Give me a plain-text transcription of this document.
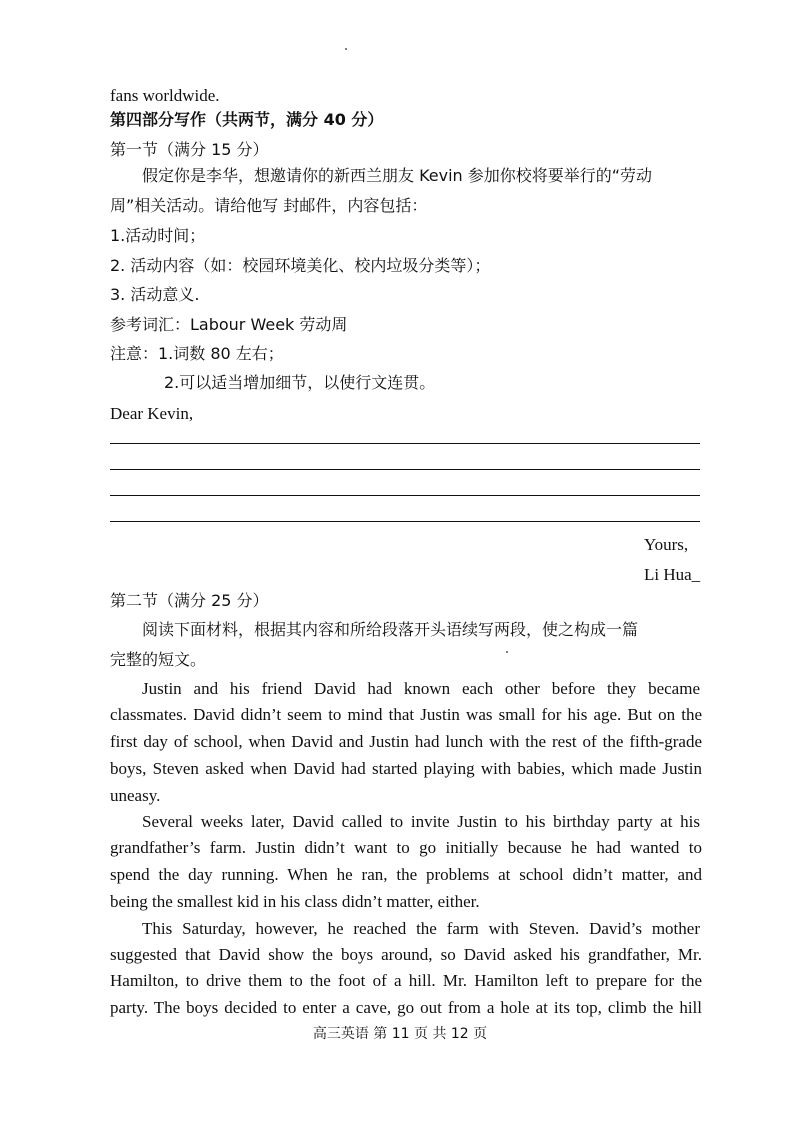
fans worldwide.
第四部分写作（共两节，满分 40 分）
第一节（满分 15 分）
假定你是李华，想邀请你的新西兰朋友 Kevin 参加你校将要举行的“劳动
周”相关活动。请给他写 封邮件，内容包括：
1.活动时间；
2. 活动内容（如：校园环境美化、校内垃圾分类等）；
3. 活动意义.
参考词汇：Labour Week 劳动周
注意：1.词数 80 左右；
2.可以适当增加细节，以使行文连贯。
Dear Kevin,
Yours,
Li Hua_
第二节（满分 25 分）
阅读下面材料，根据其内容和所给段落开头语续写两段，使之构成一篇
完整的短文。
Justin and his friend David had known each other before they became
classmates. David didn’t seem to mind that Justin was small for his age. But on the
first day of school, when David and Justin had lunch with the rest of the fifth-grade
boys, Steven asked when David had started playing with babies, which made Justin
uneasy.
Several weeks later, David called to invite Justin to his birthday party at his
grandfather’s farm. Justin didn’t want to go initially because he had wanted to
spend the day running. When he ran, the problems at school didn’t matter, and
being the smallest kid in his class didn’t matter, either.
This Saturday, however, he reached the farm with Steven. David’s mother
suggested that David show the boys around, so David asked his grandfather, Mr.
Hamilton, to drive them to the foot of a hill. Mr. Hamilton left to prepare for the
party. The boys decided to enter a cave, go out from a hole at its top, climb the hill
高三英语 第 11 页 共 12 页
